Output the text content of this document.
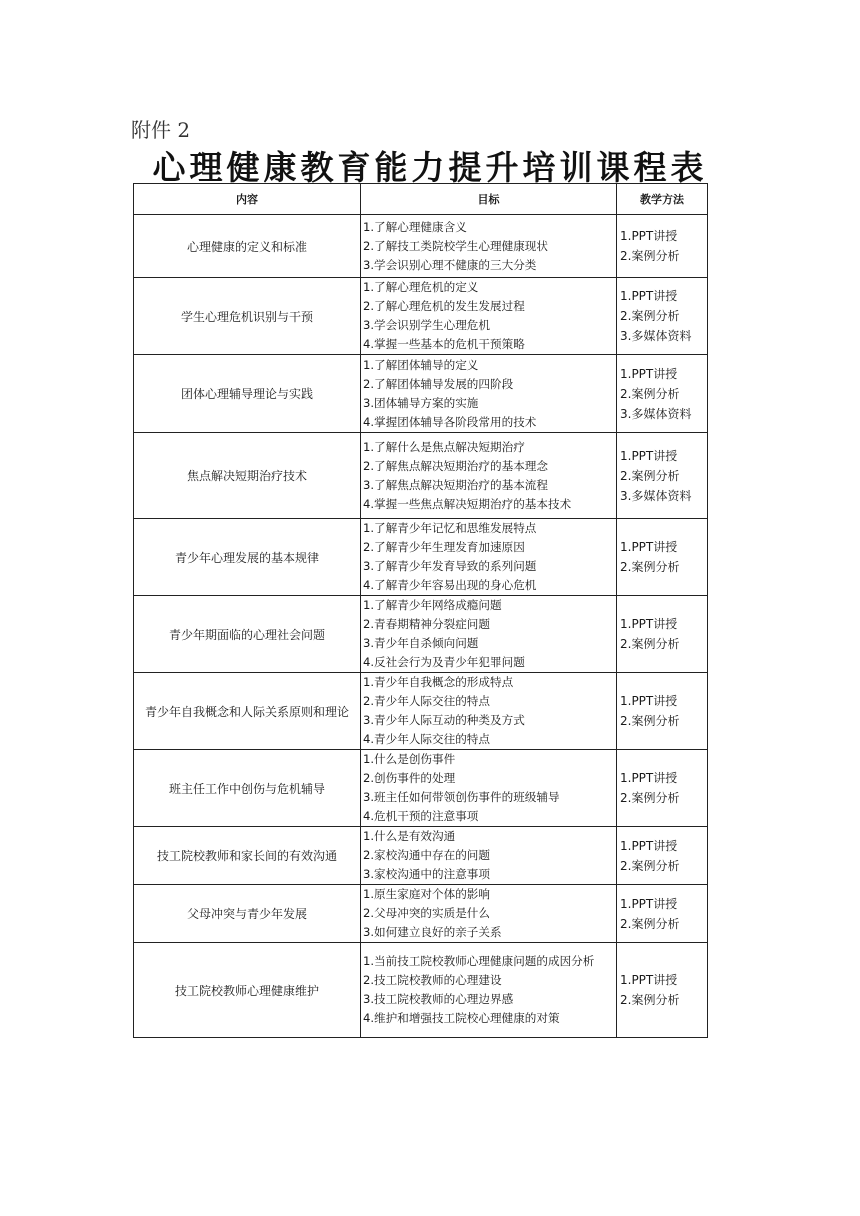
附件 2
心理健康教育能力提升培训课程表
内容	目标	教学方法
心理健康的定义和标准	1.了解心理健康含义
2.了解技工类院校学生心理健康现状
3.学会识别心理不健康的三大分类	1.PPT讲授
2.案例分析

学生心理危机识别与干预	1.了解心理危机的定义
2.了解心理危机的发生发展过程
3.学会识别学生心理危机
4.掌握一些基本的危机干预策略	1.PPT讲授
2.案例分析
3.多媒体资料

团体心理辅导理论与实践	1.了解团体辅导的定义
2.了解团体辅导发展的四阶段
3.团体辅导方案的实施
4.掌握团体辅导各阶段常用的技术	1.PPT讲授
2.案例分析
3.多媒体资料

焦点解决短期治疗技术	1.了解什么是焦点解决短期治疗
2.了解焦点解决短期治疗的基本理念
3.了解焦点解决短期治疗的基本流程
4.掌握一些焦点解决短期治疗的基本技术	1.PPT讲授
2.案例分析
3.多媒体资料

青少年心理发展的基本规律	1.了解青少年记忆和思维发展特点
2.了解青少年生理发育加速原因
3.了解青少年发育导致的系列问题
4.了解青少年容易出现的身心危机	1.PPT讲授
2.案例分析

青少年期面临的心理社会问题	1.了解青少年网络成瘾问题
2.青春期精神分裂症问题
3.青少年自杀倾向问题
4.反社会行为及青少年犯罪问题	1.PPT讲授
2.案例分析

青少年自我概念和人际关系原则和理论	1.青少年自我概念的形成特点
2.青少年人际交往的特点
3.青少年人际互动的种类及方式
4.青少年人际交往的特点	1.PPT讲授
2.案例分析

班主任工作中创伤与危机辅导	1.什么是创伤事件
2.创伤事件的处理
3.班主任如何带领创伤事件的班级辅导
4.危机干预的注意事项	1.PPT讲授
2.案例分析

技工院校教师和家长间的有效沟通	1.什么是有效沟通
2.家校沟通中存在的问题
3.家校沟通中的注意事项	1.PPT讲授
2.案例分析

父母冲突与青少年发展	1.原生家庭对个体的影响
2.父母冲突的实质是什么
3.如何建立良好的亲子关系	1.PPT讲授
2.案例分析

技工院校教师心理健康维护	1.当前技工院校教师心理健康问题的成因分析
2.技工院校教师的心理建设
3.技工院校教师的心理边界感
4.维护和增强技工院校心理健康的对策	1.PPT讲授
2.案例分析
